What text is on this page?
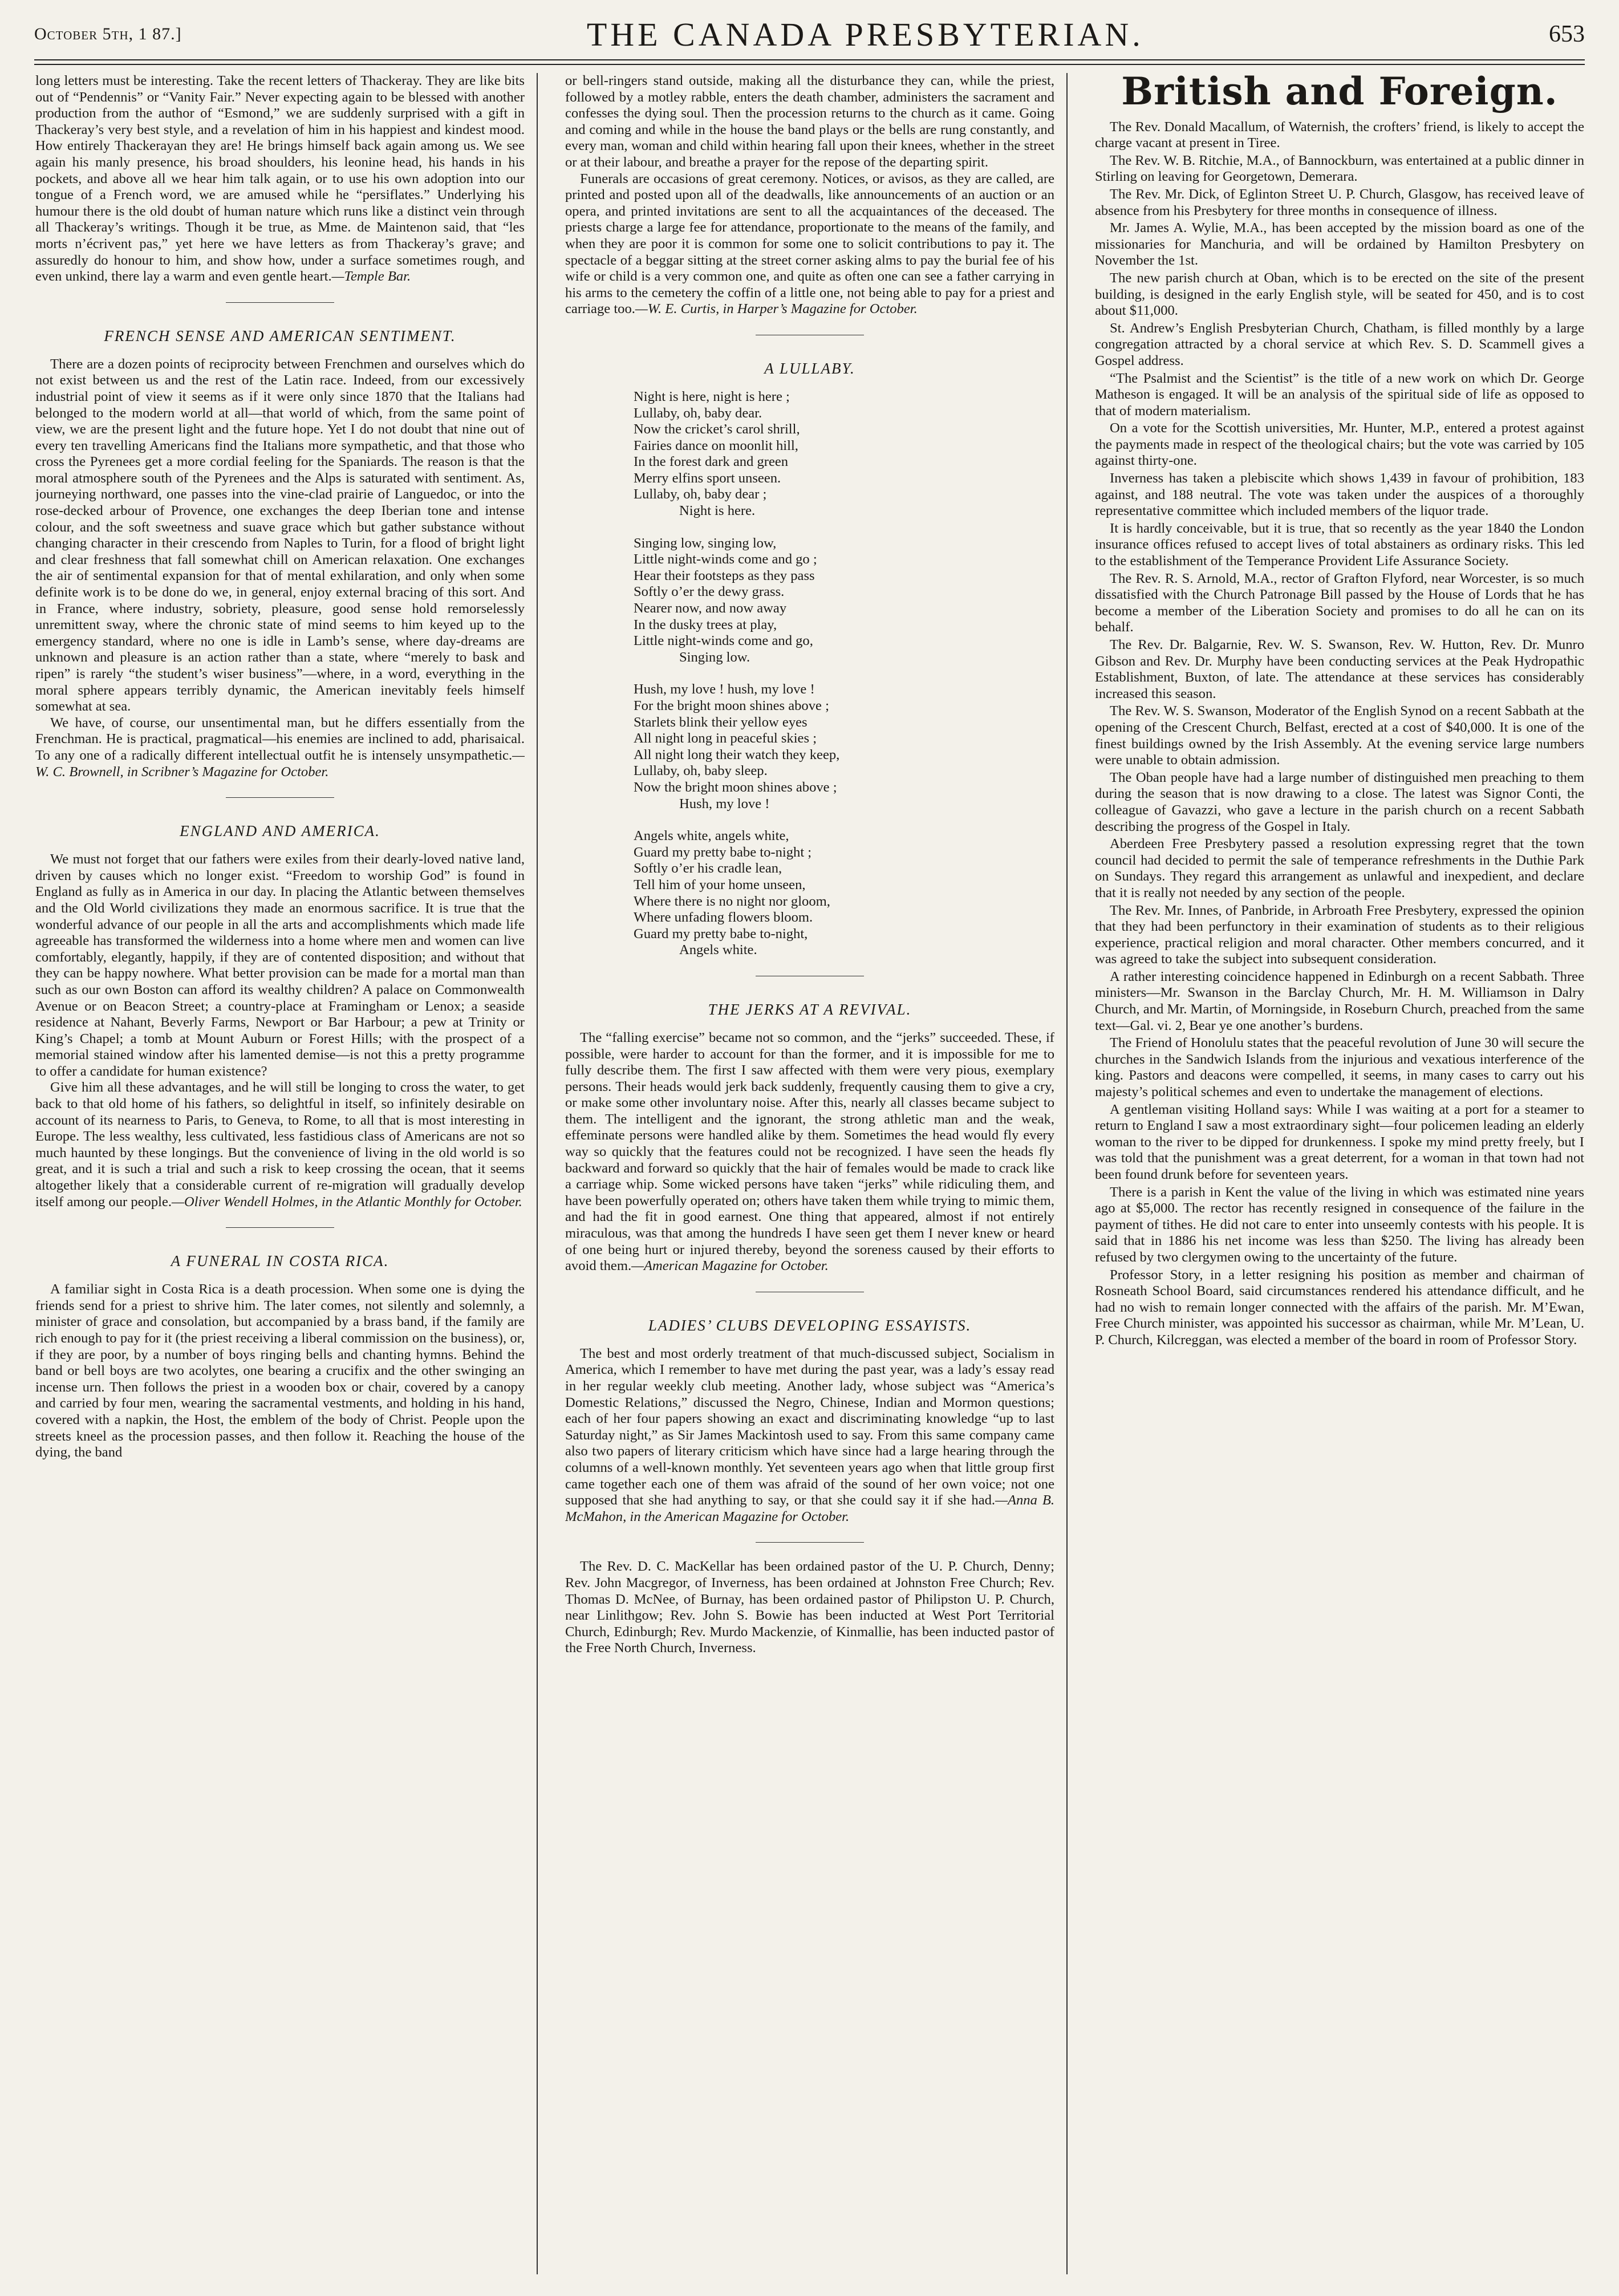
October 5th, 1 87.]	THE CANADA PRESBYTERIAN.	653

long letters must be interesting. Take the recent letters of Thackeray. They are like bits out of “Pendennis” or “Vanity Fair.” Never expecting again to be blessed with another production from the author of “Esmond,” we are suddenly surprised with a gift in Thackeray’s very best style, and a revelation of him in his happiest and kindest mood. How entirely Thackerayan they are! He brings himself back again among us. We see again his manly presence, his broad shoulders, his leonine head, his hands in his pockets, and above all we hear him talk again, or to use his own adoption into our tongue of a French word, we are amused while he “persiflates.” Underlying his humour there is the old doubt of human nature which runs like a distinct vein through all Thackeray’s writings. Though it be true, as Mme. de Maintenon said, that “les morts n’écrivent pas,” yet here we have letters as from Thackeray’s grave; and assuredly do honour to him, and show how, under a surface sometimes rough, and even unkind, there lay a warm and even gentle heart.—Temple Bar.

FRENCH SENSE AND AMERICAN SENTIMENT.

There are a dozen points of reciprocity between Frenchmen and ourselves which do not exist between us and the rest of the Latin race. Indeed, from our excessively industrial point of view it seems as if it were only since 1870 that the Italians had belonged to the modern world at all—that world of which, from the same point of view, we are the present light and the future hope. Yet I do not doubt that nine out of every ten travelling Americans find the Italians more sympathetic, and that those who cross the Pyrenees get a more cordial feeling for the Spaniards. The reason is that the moral atmosphere south of the Pyrenees and the Alps is saturated with sentiment. As, journeying northward, one passes into the vine-clad prairie of Languedoc, or into the rose-decked arbour of Provence, one exchanges the deep Iberian tone and intense colour, and the soft sweetness and suave grace which but gather substance without changing character in their crescendo from Naples to Turin, for a flood of bright light and clear freshness that fall somewhat chill on American relaxation. One exchanges the air of sentimental expansion for that of mental exhilaration, and only when some definite work is to be done do we, in general, enjoy external bracing of this sort. And in France, where industry, sobriety, pleasure, good sense hold remorselessly unremittent sway, where the chronic state of mind seems to him keyed up to the emergency standard, where no one is idle in Lamb’s sense, where day-dreams are unknown and pleasure is an action rather than a state, where “merely to bask and ripen” is rarely “the student’s wiser business”—where, in a word, everything in the moral sphere appears terribly dynamic, the American inevitably feels himself somewhat at sea.

We have, of course, our unsentimental man, but he differs essentially from the Frenchman. He is practical, pragmatical—his enemies are inclined to add, pharisaical. To any one of a radically different intellectual outfit he is intensely unsympathetic.—W. C. Brownell, in Scribner’s Magazine for October.

ENGLAND AND AMERICA.

We must not forget that our fathers were exiles from their dearly-loved native land, driven by causes which no longer exist. “Freedom to worship God” is found in England as fully as in America in our day. In placing the Atlantic between themselves and the Old World civilizations they made an enormous sacrifice. It is true that the wonderful advance of our people in all the arts and accomplishments which made life agreeable has transformed the wilderness into a home where men and women can live comfortably, elegantly, happily, if they are of contented disposition; and without that they can be happy nowhere. What better provision can be made for a mortal man than such as our own Boston can afford its wealthy children? A palace on Commonwealth Avenue or on Beacon Street; a country-place at Framingham or Lenox; a seaside residence at Nahant, Beverly Farms, Newport or Bar Harbour; a pew at Trinity or King’s Chapel; a tomb at Mount Auburn or Forest Hills; with the prospect of a memorial stained window after his lamented demise—is not this a pretty programme to offer a candidate for human existence?

Give him all these advantages, and he will still be longing to cross the water, to get back to that old home of his fathers, so delightful in itself, so infinitely desirable on account of its nearness to Paris, to Geneva, to Rome, to all that is most interesting in Europe. The less wealthy, less cultivated, less fastidious class of Americans are not so much haunted by these longings. But the convenience of living in the old world is so great, and it is such a trial and such a risk to keep crossing the ocean, that it seems altogether likely that a considerable current of re-migration will gradually develop itself among our people.—Oliver Wendell Holmes, in the Atlantic Monthly for October.

A FUNERAL IN COSTA RICA.

A familiar sight in Costa Rica is a death procession. When some one is dying the friends send for a priest to shrive him. The later comes, not silently and solemnly, a minister of grace and consolation, but accompanied by a brass band, if the family are rich enough to pay for it (the priest receiving a liberal commission on the business), or, if they are poor, by a number of boys ringing bells and chanting hymns. Behind the band or bell boys are two acolytes, one bearing a crucifix and the other swinging an incense urn. Then follows the priest in a wooden box or chair, covered by a canopy and carried by four men, wearing the sacramental vestments, and holding in his hand, covered with a napkin, the Host, the emblem of the body of Christ. People upon the streets kneel as the procession passes, and then follow it. Reaching the house of the dying, the band

or bell-ringers stand outside, making all the disturbance they can, while the priest, followed by a motley rabble, enters the death chamber, administers the sacrament and confesses the dying soul. Then the procession returns to the church as it came. Going and coming and while in the house the band plays or the bells are rung constantly, and every man, woman and child within hearing fall upon their knees, whether in the street or at their labour, and breathe a prayer for the repose of the departing spirit.

Funerals are occasions of great ceremony. Notices, or avisos, as they are called, are printed and posted upon all of the deadwalls, like announcements of an auction or an opera, and printed invitations are sent to all the acquaintances of the deceased. The priests charge a large fee for attendance, proportionate to the means of the family, and when they are poor it is common for some one to solicit contributions to pay it. The spectacle of a beggar sitting at the street corner asking alms to pay the burial fee of his wife or child is a very common one, and quite as often one can see a father carrying in his arms to the cemetery the coffin of a little one, not being able to pay for a priest and carriage too.—W. E. Curtis, in Harper’s Magazine for October.

A LULLABY.
Night is here, night is here ;
Lullaby, oh, baby dear.
Now the cricket’s carol shrill,
Fairies dance on moonlit hill,
In the forest dark and green
Merry elfins sport unseen.
Lullaby, oh, baby dear ;
Night is here.
Singing low, singing low,
Little night-winds come and go ;
Hear their footsteps as they pass
Softly o’er the dewy grass.
Nearer now, and now away
In the dusky trees at play,
Little night-winds come and go,
Singing low.
Hush, my love ! hush, my love !
For the bright moon shines above ;
Starlets blink their yellow eyes
All night long in peaceful skies ;
All night long their watch they keep,
Lullaby, oh, baby sleep.
Now the bright moon shines above ;
Hush, my love !
Angels white, angels white,
Guard my pretty babe to-night ;
Softly o’er his cradle lean,
Tell him of your home unseen,
Where there is no night nor gloom,
Where unfading flowers bloom.
Guard my pretty babe to-night,
Angels white.
THE JERKS AT A REVIVAL.

The “falling exercise” became not so common, and the “jerks” succeeded. These, if possible, were harder to account for than the former, and it is impossible for me to fully describe them. The first I saw affected with them were very pious, exemplary persons. Their heads would jerk back suddenly, frequently causing them to give a cry, or make some other involuntary noise. After this, nearly all classes became subject to them. The intelligent and the ignorant, the strong athletic man and the weak, effeminate persons were handled alike by them. Sometimes the head would fly every way so quickly that the features could not be recognized. I have seen the heads fly backward and forward so quickly that the hair of females would be made to crack like a carriage whip. Some wicked persons have taken “jerks” while ridiculing them, and have been powerfully operated on; others have taken them while trying to mimic them, and had the fit in good earnest. One thing that appeared, almost if not entirely miraculous, was that among the hundreds I have seen get them I never knew or heard of one being hurt or injured thereby, beyond the soreness caused by their efforts to avoid them.—American Magazine for October.

LADIES’ CLUBS DEVELOPING ESSAYISTS.

The best and most orderly treatment of that much-discussed subject, Socialism in America, which I remember to have met during the past year, was a lady’s essay read in her regular weekly club meeting. Another lady, whose subject was “America’s Domestic Relations,” discussed the Negro, Chinese, Indian and Mormon questions; each of her four papers showing an exact and discriminating knowledge “up to last Saturday night,” as Sir James Mackintosh used to say. From this same company came also two papers of literary criticism which have since had a large hearing through the columns of a well-known monthly. Yet seventeen years ago when that little group first came together each one of them was afraid of the sound of her own voice; not one supposed that she had anything to say, or that she could say it if she had.—Anna B. McMahon, in the American Magazine for October.

The Rev. D. C. MacKellar has been ordained pastor of the U. P. Church, Denny; Rev. John Macgregor, of Inverness, has been ordained at Johnston Free Church; Rev. Thomas D. McNee, of Burnay, has been ordained pastor of Philipston U. P. Church, near Linlithgow; Rev. John S. Bowie has been inducted at West Port Territorial Church, Edinburgh; Rev. Murdo Mackenzie, of Kinmallie, has been inducted pastor of the Free North Church, Inverness.

British and Foreign.

The Rev. Donald Macallum, of Waternish, the crofters’ friend, is likely to accept the charge vacant at present in Tiree.

The Rev. W. B. Ritchie, M.A., of Bannockburn, was entertained at a public dinner in Stirling on leaving for Georgetown, Demerara.

The Rev. Mr. Dick, of Eglinton Street U. P. Church, Glasgow, has received leave of absence from his Presbytery for three months in consequence of illness.

Mr. James A. Wylie, M.A., has been accepted by the mission board as one of the missionaries for Manchuria, and will be ordained by Hamilton Presbytery on November the 1st.

The new parish church at Oban, which is to be erected on the site of the present building, is designed in the early English style, will be seated for 450, and is to cost about $11,000.

St. Andrew’s English Presbyterian Church, Chatham, is filled monthly by a large congregation attracted by a choral service at which Rev. S. D. Scammell gives a Gospel address.

“The Psalmist and the Scientist” is the title of a new work on which Dr. George Matheson is engaged. It will be an analysis of the spiritual side of life as opposed to that of modern materialism.

On a vote for the Scottish universities, Mr. Hunter, M.P., entered a protest against the payments made in respect of the theological chairs; but the vote was carried by 105 against thirty-one.

Inverness has taken a plebiscite which shows 1,439 in favour of prohibition, 183 against, and 188 neutral. The vote was taken under the auspices of a thoroughly representative committee which included members of the liquor trade.

It is hardly conceivable, but it is true, that so recently as the year 1840 the London insurance offices refused to accept lives of total abstainers as ordinary risks. This led to the establishment of the Temperance Provident Life Assurance Society.

The Rev. R. S. Arnold, M.A., rector of Grafton Flyford, near Worcester, is so much dissatisfied with the Church Patronage Bill passed by the House of Lords that he has become a member of the Liberation Society and promises to do all he can on its behalf.

The Rev. Dr. Balgarnie, Rev. W. S. Swanson, Rev. W. Hutton, Rev. Dr. Munro Gibson and Rev. Dr. Murphy have been conducting services at the Peak Hydropathic Establishment, Buxton, of late. The attendance at these services has considerably increased this season.

The Rev. W. S. Swanson, Moderator of the English Synod on a recent Sabbath at the opening of the Crescent Church, Belfast, erected at a cost of $40,000. It is one of the finest buildings owned by the Irish Assembly. At the evening service large numbers were unable to obtain admission.

The Oban people have had a large number of distinguished men preaching to them during the season that is now drawing to a close. The latest was Signor Conti, the colleague of Gavazzi, who gave a lecture in the parish church on a recent Sabbath describing the progress of the Gospel in Italy.

Aberdeen Free Presbytery passed a resolution expressing regret that the town council had decided to permit the sale of temperance refreshments in the Duthie Park on Sundays. They regard this arrangement as unlawful and inexpedient, and declare that it is really not needed by any section of the people.

The Rev. Mr. Innes, of Panbride, in Arbroath Free Presbytery, expressed the opinion that they had been perfunctory in their examination of students as to their religious experience, practical religion and moral character. Other members concurred, and it was agreed to take the subject into subsequent consideration.

A rather interesting coincidence happened in Edinburgh on a recent Sabbath. Three ministers—Mr. Swanson in the Barclay Church, Mr. H. M. Williamson in Dalry Church, and Mr. Martin, of Morningside, in Roseburn Church, preached from the same text—Gal. vi. 2, Bear ye one another’s burdens.

The Friend of Honolulu states that the peaceful revolution of June 30 will secure the churches in the Sandwich Islands from the injurious and vexatious interference of the king. Pastors and deacons were compelled, it seems, in many cases to carry out his majesty’s political schemes and even to undertake the management of elections.

A gentleman visiting Holland says: While I was waiting at a port for a steamer to return to England I saw a most extraordinary sight—four policemen leading an elderly woman to the river to be dipped for drunkenness. I spoke my mind pretty freely, but I was told that the punishment was a great deterrent, for a woman in that town had not been found drunk before for seventeen years.

There is a parish in Kent the value of the living in which was estimated nine years ago at $5,000. The rector has recently resigned in consequence of the failure in the payment of tithes. He did not care to enter into unseemly contests with his people. It is said that in 1886 his net income was less than $250. The living has already been refused by two clergymen owing to the uncertainty of the future.

Professor Story, in a letter resigning his position as member and chairman of Rosneath School Board, said circumstances rendered his attendance difficult, and he had no wish to remain longer connected with the affairs of the parish. Mr. M’Ewan, Free Church minister, was appointed his successor as chairman, while Mr. M’Lean, U. P. Church, Kilcreggan, was elected a member of the board in room of Professor Story.
